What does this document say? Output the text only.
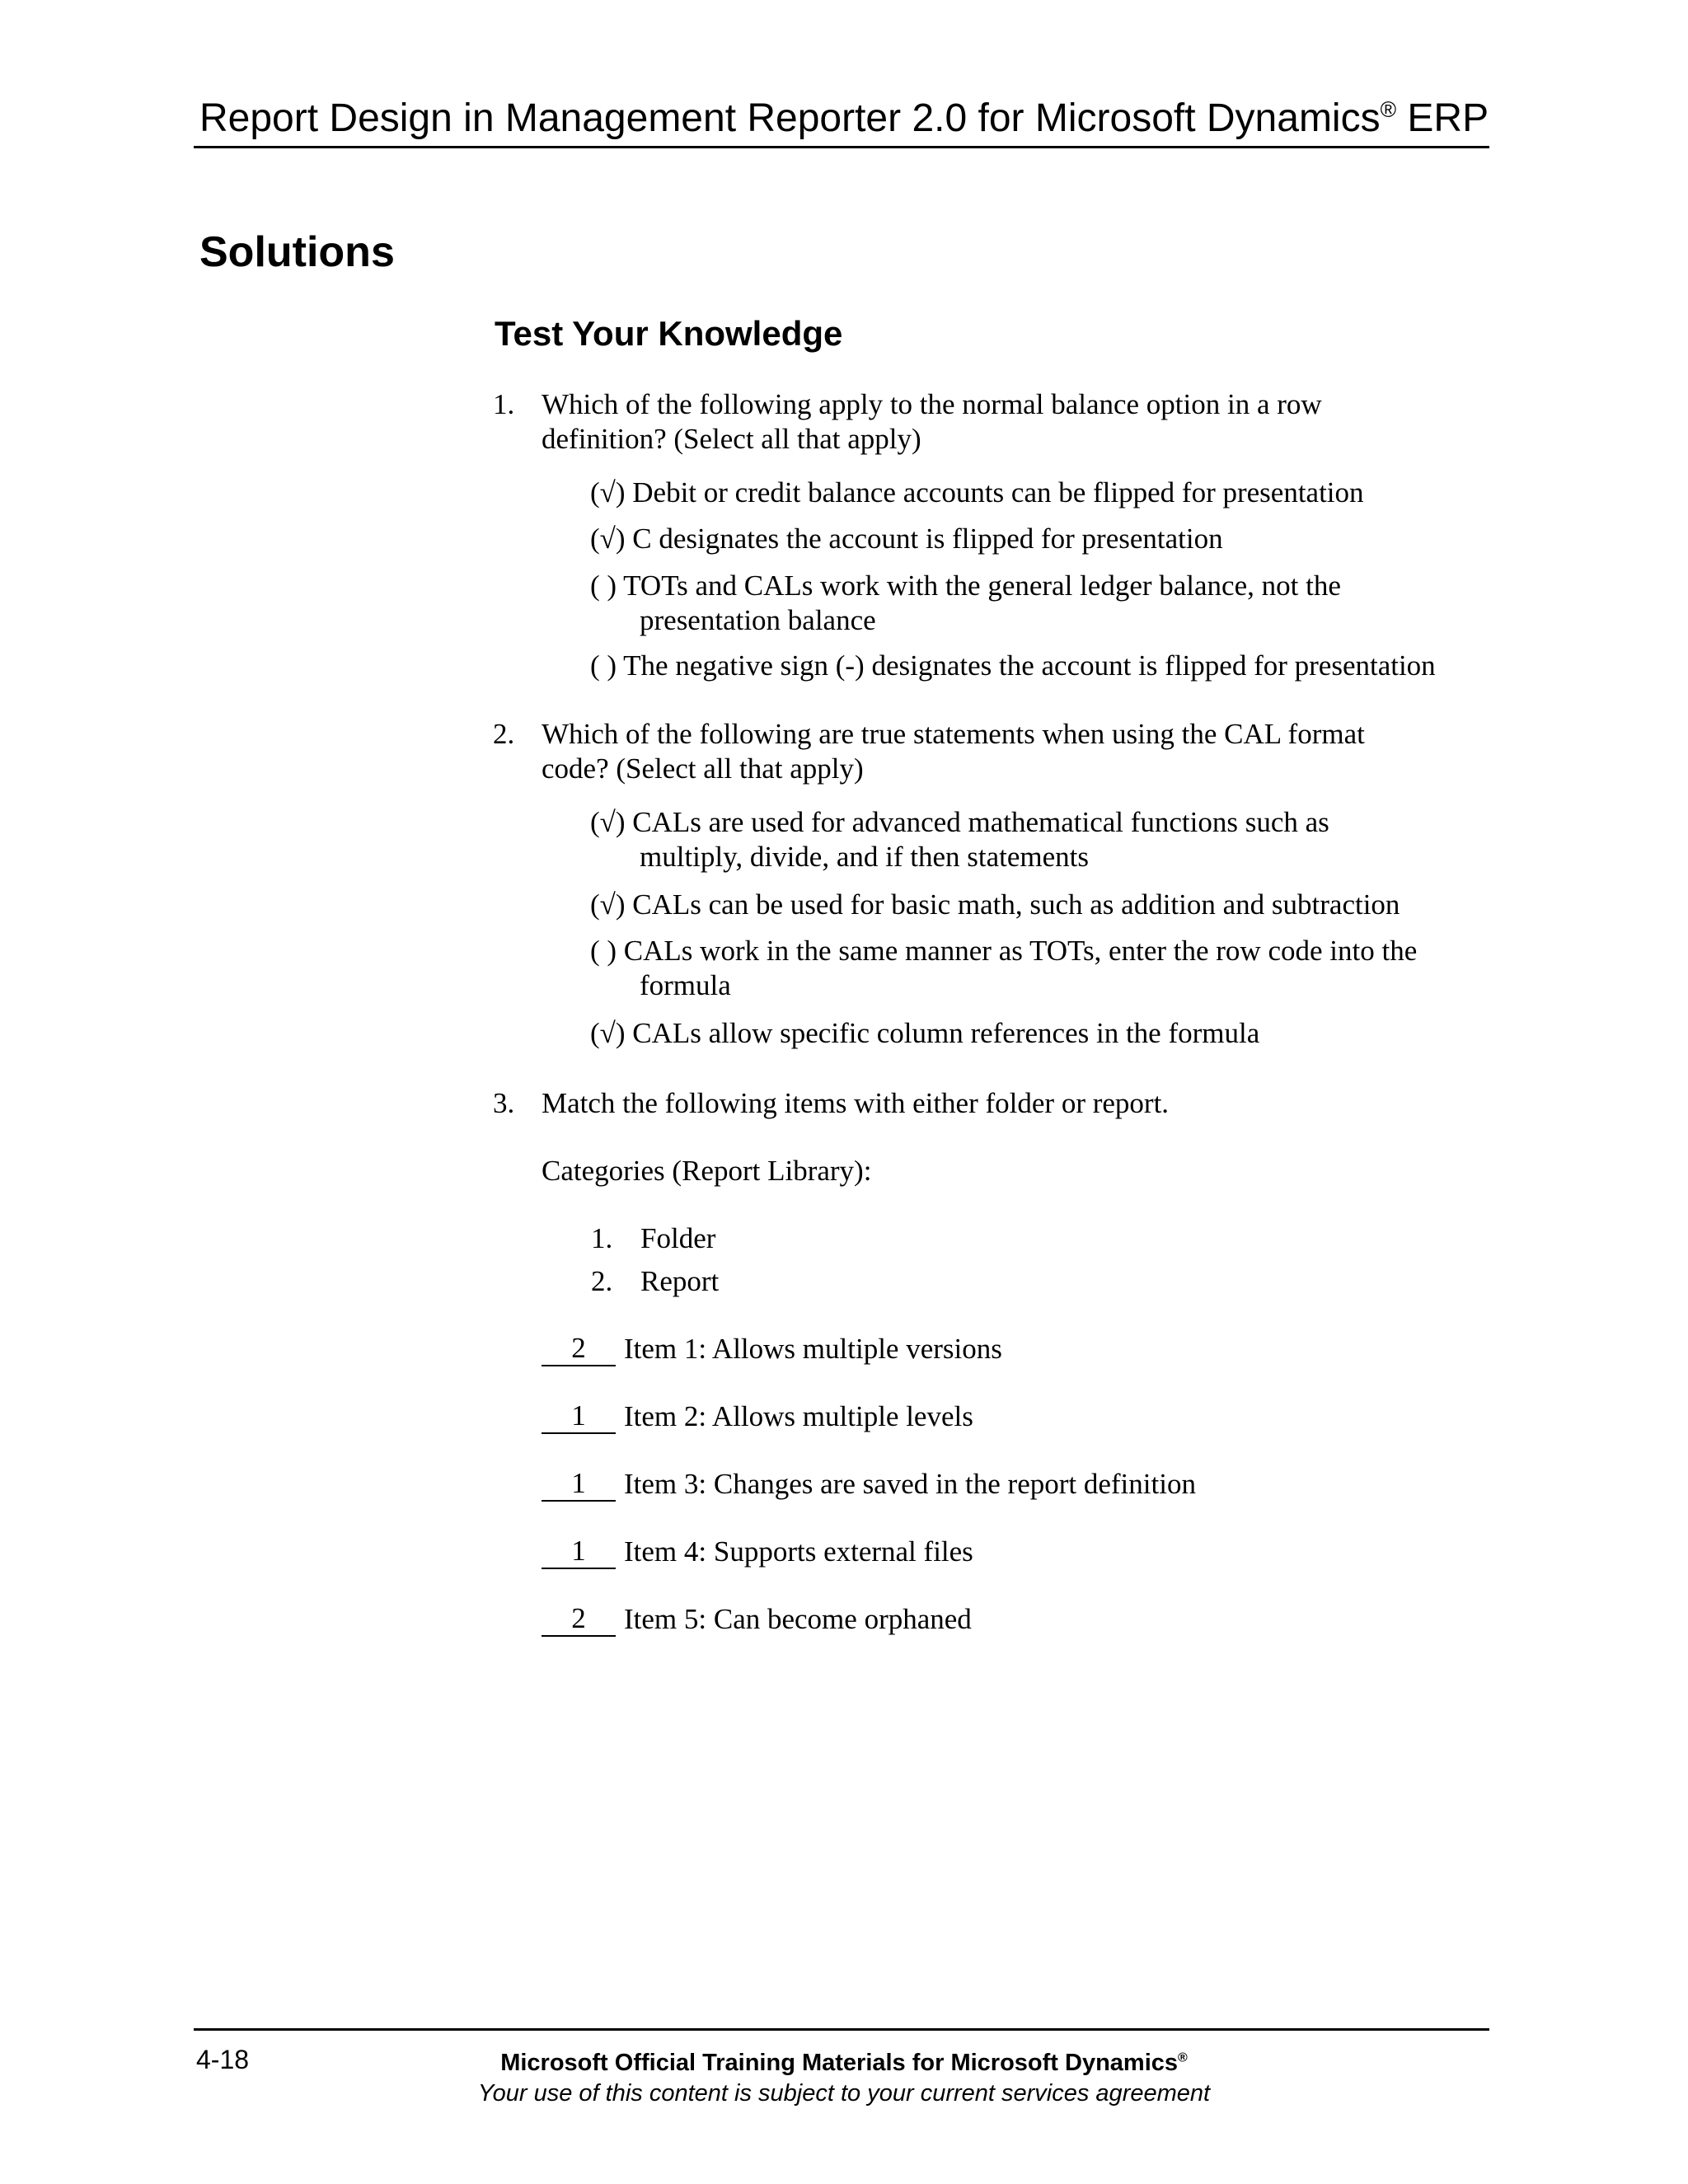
Report Design in Management Reporter 2.0 for Microsoft Dynamics® ERP
Solutions
Test Your Knowledge
1. Which of the following apply to the normal balance option in a row
definition? (Select all that apply)
(√) Debit or credit balance accounts can be flipped for presentation
(√) C designates the account is flipped for presentation
( ) TOTs and CALs work with the general ledger balance, not the
presentation balance
( ) The negative sign (-) designates the account is flipped for presentation
2. Which of the following are true statements when using the CAL format
code? (Select all that apply)
(√) CALs are used for advanced mathematical functions such as
multiply, divide, and if then statements
(√) CALs can be used for basic math, such as addition and subtraction
( ) CALs work in the same manner as TOTs, enter the row code into the
formula
(√) CALs allow specific column references in the formula
3. Match the following items with either folder or report.
Categories (Report Library):
1. Folder
2. Report
2	Item 1: Allows multiple versions
1	Item 2: Allows multiple levels
1	Item 3: Changes are saved in the report definition
1	Item 4: Supports external files
2	Item 5: Can become orphaned
4-18	Microsoft Official Training Materials for Microsoft Dynamics®
Your use of this content is subject to your current services agreement
